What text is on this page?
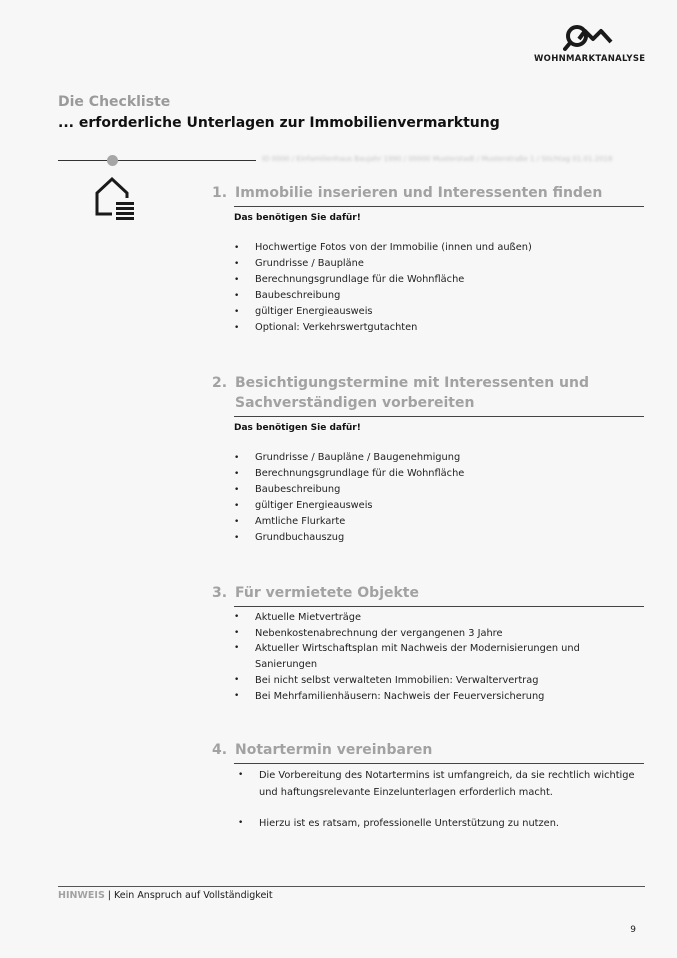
WOHNMARKTANALYSE
Die Checkliste
... erforderliche Unterlagen zur Immobilienvermarktung
ID 0000 / Einfamilienhaus Baujahr 1990 / 00000 Musterstadt / Musterstraße 1 / Stichtag 01.01.2018
1. Immobilie inserieren und Interessenten finden
Das benötigen Sie dafür!
• Hochwertige Fotos von der Immobilie (innen und außen)
• Grundrisse / Baupläne
• Berechnungsgrundlage für die Wohnfläche
• Baubeschreibung
• gültiger Energieausweis
• Optional: Verkehrswertgutachten
2. Besichtigungstermine mit Interessenten und
Sachverständigen vorbereiten
Das benötigen Sie dafür!
• Grundrisse / Baupläne / Baugenehmigung
• Berechnungsgrundlage für die Wohnfläche
• Baubeschreibung
• gültiger Energieausweis
• Amtliche Flurkarte
• Grundbuchauszug
3. Für vermietete Objekte
• Aktuelle Mietverträge
• Nebenkostenabrechnung der vergangenen 3 Jahre
• Aktueller Wirtschaftsplan mit Nachweis der Modernisierungen und Sanierungen
• Bei nicht selbst verwalteten Immobilien: Verwaltervertrag
• Bei Mehrfamilienhäusern: Nachweis der Feuerversicherung
4. Notartermin vereinbaren
• Die Vorbereitung des Notartermins ist umfangreich, da sie rechtlich wichtige und haftungsrelevante Einzelunterlagen erforderlich macht.
• Hierzu ist es ratsam, professionelle Unterstützung zu nutzen.
HINWEIS | Kein Anspruch auf Vollständigkeit
9
